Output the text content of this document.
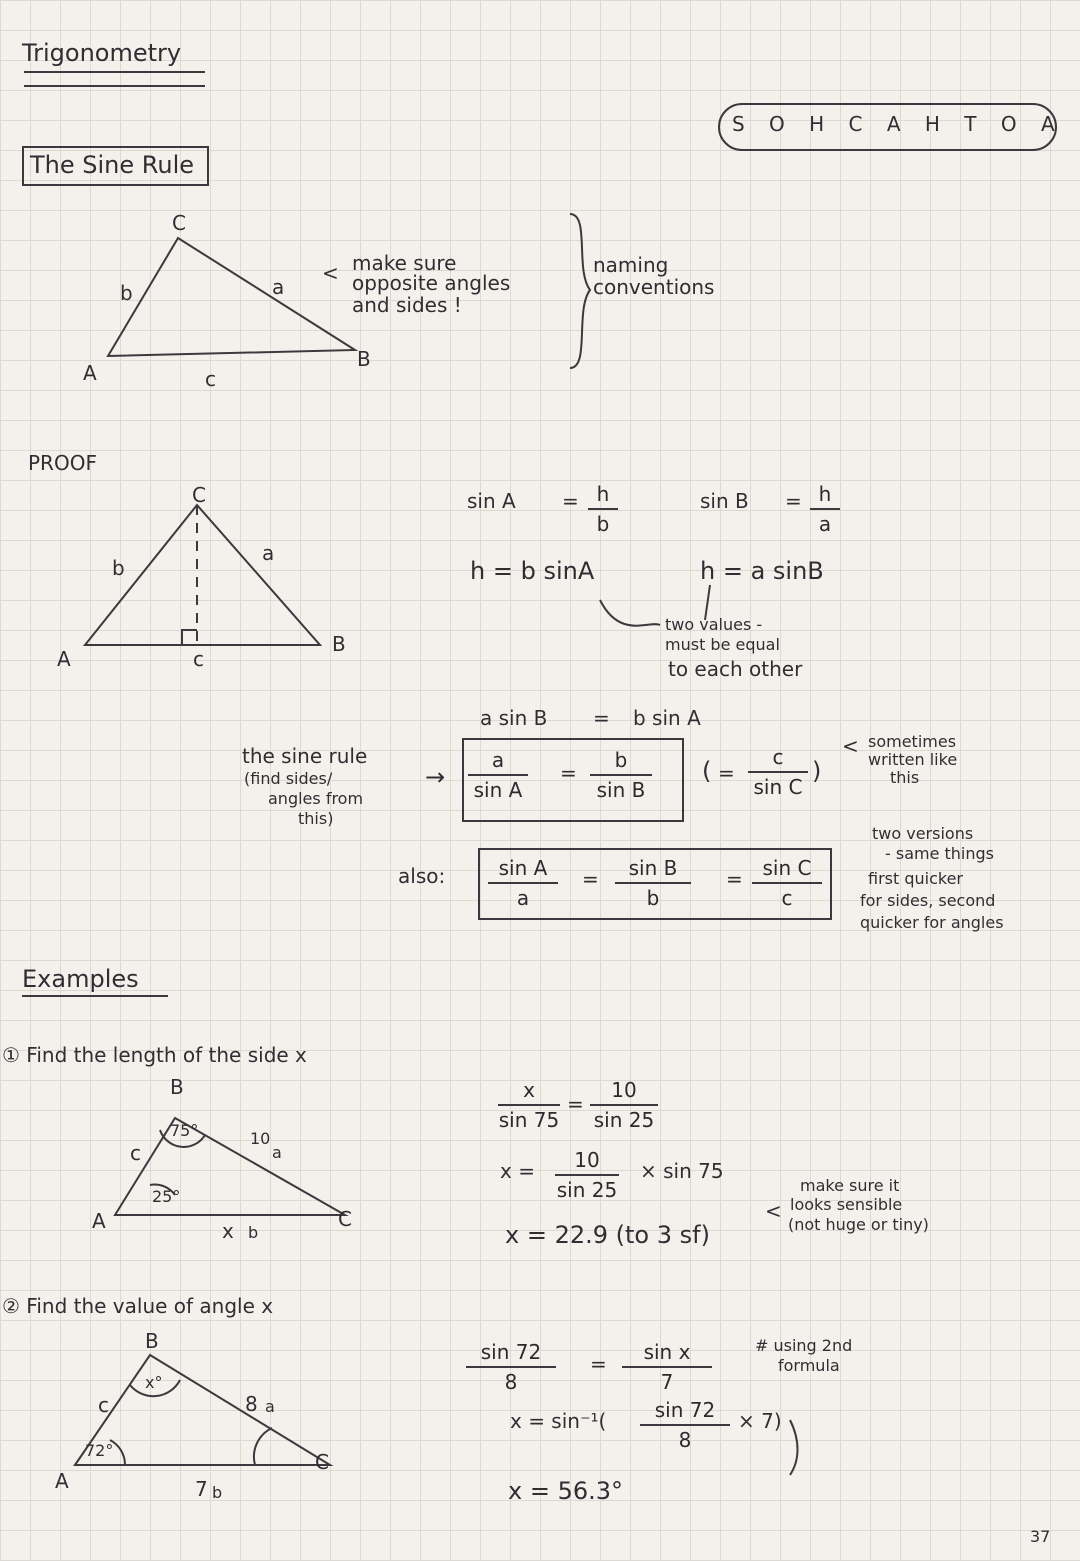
Trigonometry
S O H C A H T O A
The Sine Rule
C
b	a
A	c
B
< make sure
opposite angles
and sides !
naming
conventions
PROOF
C
b
a
A	c
B
$\sin A = \frac{h}{b}$	$\sin B = \frac{h}{a}$
h = b sinA	h = a sinB
two values -
must be equal
to each other
a sin B = b sin A
the sine rule
(find sides/
angles from
this)
→ $\frac{a}{\text{sin A}} = \frac{b}{\text{sin B}}$ ( = $\frac{c}{\text{sin C}}$ )
< sometimes
written like
this
also: $\frac{\text{sin A}}{a} = \frac{\text{sin B}}{b} = \frac{\text{sin C}}{c}$
two versions
- same things
first quicker
for sides, second
quicker for angles
Examples
① Find the length of the side x
B
75°	10
a
c
25°
A	x b
C
$\frac{x}{\sin 75} = \frac{10}{\sin 25}$
$x = \frac{10}{\sin 25} \times \sin 75$
x = 22.9 (to 3 sf)
<
make sure it
looks sensible
(not huge or tiny)
② Find the value of angle x
B
x°
8 a
c
72°	C
A	7 b
$\frac{\sin 72}{8} = \frac{\text{sin x}}{7}$	# using 2nd
formula
$x = \sin^{-1}( \frac{\sin 72}{8} \times 7)$
x = 56.3°
37
